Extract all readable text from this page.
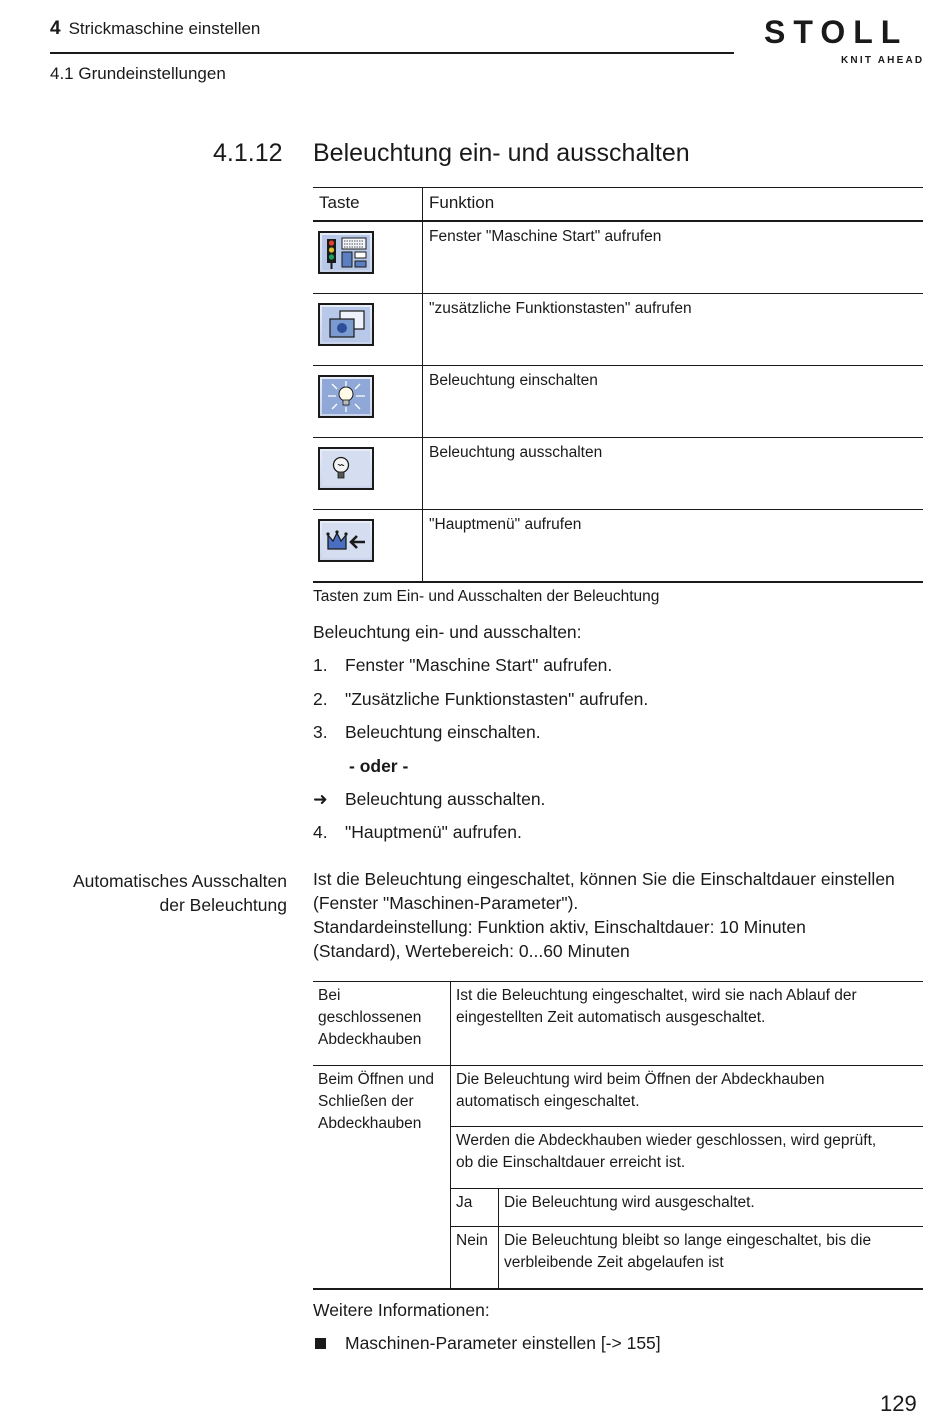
4 Strickmaschine einstellen
4.1 Grundeinstellungen
STOLL
KNIT AHEAD
4.1.12 Beleuchtung ein- und ausschalten
Taste	Funktion
Fenster "Maschine Start" aufrufen
"zusätzliche Funktionstasten" aufrufen
Beleuchtung einschalten
Beleuchtung ausschalten
"Hauptmenü" aufrufen
Tasten zum Ein- und Ausschalten der Beleuchtung
Beleuchtung ein- und ausschalten:
1. Fenster "Maschine Start" aufrufen.
2. "Zusätzliche Funktionstasten" aufrufen.
3. Beleuchtung einschalten.
- oder -
➜ Beleuchtung ausschalten.
4. "Hauptmenü" aufrufen.
Automatisches Ausschalten
der Beleuchtung
Ist die Beleuchtung eingeschaltet, können Sie die Einschaltdauer einstellen
(Fenster "Maschinen-Parameter").
Standardeinstellung: Funktion aktiv, Einschaltdauer: 10 Minuten
(Standard), Wertebereich: 0...60 Minuten
Bei
geschlossenen
Abdeckhauben
Ist die Beleuchtung eingeschaltet, wird sie nach Ablauf der
eingestellten Zeit automatisch ausgeschaltet.
Beim Öffnen und
Schließen der
Abdeckhauben
Die Beleuchtung wird beim Öffnen der Abdeckhauben
automatisch eingeschaltet.
Werden die Abdeckhauben wieder geschlossen, wird geprüft,
ob die Einschaltdauer erreicht ist.
Ja Die Beleuchtung wird ausgeschaltet.
Nein Die Beleuchtung bleibt so lange eingeschaltet, bis die
verbleibende Zeit abgelaufen ist
Weitere Informationen:
Maschinen-Parameter einstellen [-> 155]
129
